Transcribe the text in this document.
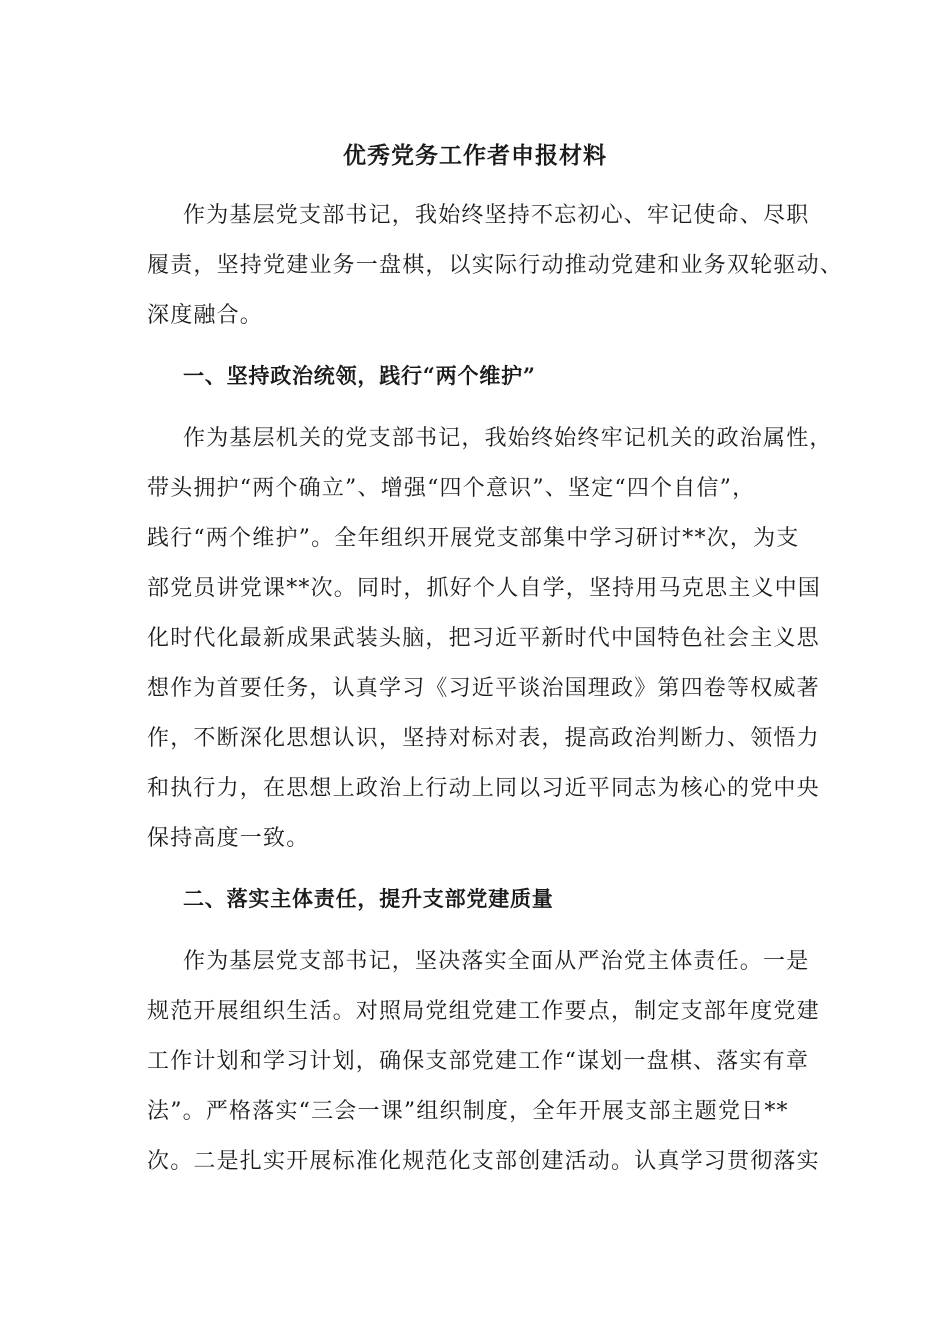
优秀党务工作者申报材料
作为基层党支部书记，我始终坚持不忘初心、牢记使命、尽职
履责，坚持党建业务一盘棋，以实际行动推动党建和业务双轮驱动、
深度融合。
一、坚持政治统领，践行“两个维护”
作为基层机关的党支部书记，我始终始终牢记机关的政治属性，
带头拥护“两个确立”、增强“四个意识”、坚定“四个自信”，
践行“两个维护”。全年组织开展党支部集中学习研讨**次，为支
部党员讲党课**次。同时，抓好个人自学，坚持用马克思主义中国
化时代化最新成果武装头脑，把习近平新时代中国特色社会主义思
想作为首要任务，认真学习《习近平谈治国理政》第四卷等权威著
作，不断深化思想认识，坚持对标对表，提高政治判断力、领悟力
和执行力，在思想上政治上行动上同以习近平同志为核心的党中央
保持高度一致。
二、落实主体责任，提升支部党建质量
作为基层党支部书记，坚决落实全面从严治党主体责任。一是
规范开展组织生活。对照局党组党建工作要点，制定支部年度党建
工作计划和学习计划，确保支部党建工作“谋划一盘棋、落实有章
法”。严格落实“三会一课”组织制度，全年开展支部主题党日**
次。二是扎实开展标准化规范化支部创建活动。认真学习贯彻落实
